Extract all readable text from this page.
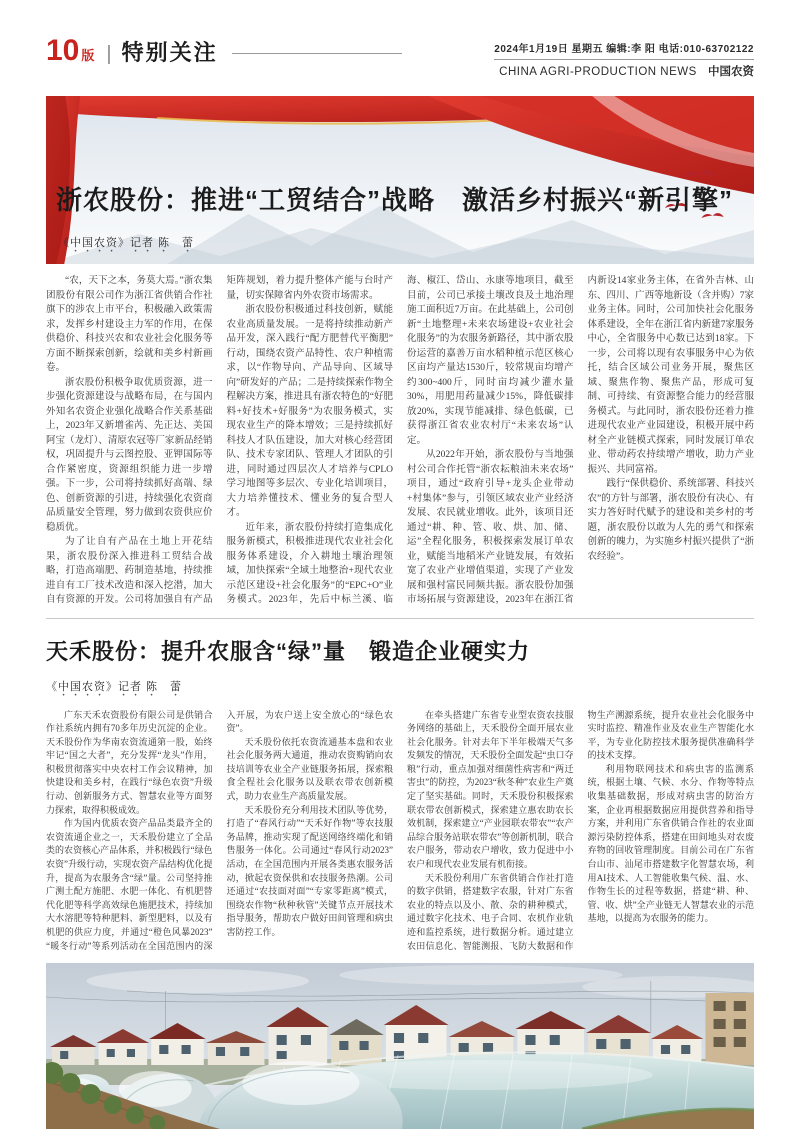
10 版 | 特别关注	2024年1月19日 星期五 编辑:李 阳 电话:010-63702122
CHINA AGRI-PRODUCTION NEWS 中国农资
浙农股份：推进“工贸结合”战略　激活乡村振兴“新引擎”
《中国农资》记者 陈　蕾

“农，天下之本，务莫大焉。”浙农集团股份有限公司作为浙江省供销合作社旗下的涉农上市平台，积极融入政策需求，发挥乡村建设主力军的作用，在保供稳价、科技兴农和农业社会化服务等方面不断探索创新，绘就和美乡村新画卷。

浙农股份积极争取优质资源，进一步强化资源建设与战略布局，在与国内外知名农资企业强化战略合作关系基础上，2023年又新增雀芮、先正达、美国阿宝（龙灯）、清原农冠等厂家新品经销权，巩固提升与云图控股、亚钾国际等合作紧密度，资源组织能力进一步增强。下一步，公司将持续抓好高端、绿色、创新资源的引进，持续强化农资商品质量安全管理，努力做到农资供应价稳质优。

为了让自有产品在土地上开花结果，浙农股份深入推进科工贸结合战略，打造高端肥、药制造基地，持续推进自有工厂技术改造和深入挖潜，加大自有资源的开发。公司将加强自有产品矩阵规划，着力提升整体产能与台时产量，切实保障省内外农资市场需求。

浙农股份积极通过科技创新，赋能农业高质量发展。一是将持续推动新产品开发，深入践行“配方肥替代平衡肥”行动，围绕农资产品特性、农户种植需求，以“作物导向、产品导向、区域导向”研发好的产品；二是持续探索作物全程解决方案，推进具有浙农特色的“好肥料+好技术+好服务”为农服务模式，实现农业生产的降本增效；三是持续抓好科技人才队伍建设，加大对核心经营团队、技术专家团队、管理人才团队的引进，同时通过四层次人才培养与CPLO学习地图等多层次、专业化培训项目，大力培养懂技术、懂业务的复合型人才。

近年来，浙农股份持续打造集成化服务新模式，积极推进现代农业社会化服务体系建设，介入耕地土壤治理领域，加快探索“全域土地整治+现代农业示范区建设+社会化服务”的“EPC+O”业务模式。2023年，先后中标兰溪、临海、椒江、岱山、永康等地项目，截至目前，公司已承接土壤改良及土地治理施工面积近7万亩。在此基础上，公司创新“土地整理+未来农场建设+农业社会化服务”的为农服务新路径，其中浙农股份运营的嘉善万亩水稻种植示范区核心区亩均产量达1530斤，较常规亩均增产约300~400斤，同时亩均减少灌水量30%，用肥用药量减少15%，降低碳排放20%，实现节能减排、绿色低碳，已获得浙江省农业农村厅“未来农场”认定。

从2022年开始，浙农股份与当地强村公司合作托管“浙农耘粮油未来农场”项目，通过“政府引导+龙头企业带动+村集体”参与，引领区域农业产业经济发展、农民就业增收。此外，该项目还通过“耕、种、管、收、烘、加、储、运”全程化服务，积极探索发展订单农业，赋能当地稻米产业链发展，有效拓宽了农业产业增值渠道，实现了产业发展和强村富民同频共振。浙农股份加强市场拓展与资源建设，2023年在浙江省内新设14家业务主体，在省外吉林、山东、四川、广西等地新设（含并购）7家业务主体。同时，公司加快社会化服务体系建设，全年在浙江省内新建7家服务中心，全省服务中心数已达到18家。下一步，公司将以现有农事服务中心为依托，结合区域公司业务开展，聚焦区域、聚焦作物、聚焦产品，形成可复制、可持续、有资源整合能力的经营服务模式。与此同时，浙农股份还着力推进现代农业产业园建设，积极开展中药材全产业链模式探索，同时发展订单农业、带动药农持续增产增收，助力产业振兴、共同富裕。

践行“保供稳价、系统部署、科技兴农”的方针与部署，浙农股份有决心、有实力答好时代赋予的建设和美乡村的考题，浙农股份以敢为人先的勇气和探索创新的魄力，为实施乡村振兴提供了“浙农经验”。

天禾股份：提升农服含“绿”量　锻造企业硬实力
《中国农资》记者 陈　蕾

广东天禾农资股份有限公司是供销合作社系统内拥有70多年历史沉淀的企业。天禾股份作为华南农资流通第一股，始终牢记“国之大者”，充分发挥“龙头”作用，积极贯彻落实中央农村工作会议精神，加快建设和美乡村，在践行“绿色农资”升级行动、创新服务方式、智慧农业等方面努力探索，取得积极成效。

作为国内优质农资产品品类最齐全的农资流通企业之一，天禾股份建立了全品类的农资核心产品体系，并积极践行“绿色农资”升级行动，实现农资产品结构优化提升，提高为农服务含“绿”量。公司坚持推广测土配方施肥、水肥一体化、有机肥替代化肥等科学高效绿色施肥技术，持续加大水溶肥等特种肥料、新型肥料，以及有机肥的供应力度，并通过“橙色风暴2023”“暖冬行动”等系列活动在全国范围内的深入开展，为农户送上安全放心的“绿色农资”。

天禾股份依托农资流通基本盘和农业社会化服务两大通道，推动农资购销向农技培训等农业全产业链服务拓展，探索粮食全程社会化服务以及联农带农创新模式，助力农业生产高质量发展。

天禾股份充分利用技术团队等优势，打造了“春风行动”“天禾好作物”等农技服务品牌，推动实现了配送网络终端化和销售服务一体化。公司通过“春风行动2023”活动，在全国范围内开展各类惠农服务活动，掀起农资保供和农技服务热潮。公司还通过“农技面对面”“专家零距离”模式，围绕农作物“秋种秋管”关键节点开展技术指导服务，帮助农户做好田间管理和病虫害防控工作。

在牵头搭建广东省专业型农资农技服务网络的基础上，天禾股份全面开展农业社会化服务。针对去年下半年极端天气多发频发的情况，天禾股份全面发起“虫口夺粮”行动，重点加强对细菌性病害和“两迁害虫”的防控，为2023“秋冬种”农业生产奠定了坚实基础。同时，天禾股份积极探索联农带农创新模式，探索建立惠农助农长效机制，探索建立“产业园联农带农”“农产品综合服务站联农带农”等创新机制，联合农户服务，带动农户增收，致力促进中小农户和现代农业发展有机衔接。

天禾股份利用广东省供销合作社打造的数字供销，搭建数字农服，针对广东省农业的特点以及小、散、杂的耕种模式，通过数字化技术、电子合同、农机作业轨迹和监控系统，进行数据分析。通过建立农田信息化、智能测报、飞防大数据和作物生产溯源系统，提升农业社会化服务中实时监控、精准作业及农业生产智能化水平，为专业化防控技术服务提供准确科学的技术支撑。

利用物联网技术和病虫害的监测系统，根据土壤、气候、水分、作物等特点收集基础数据，形成对病虫害的防治方案，企业再根据数据应用提供营养和指导方案，并利用广东省供销合作社的农业面源污染防控体系，搭建在田间地头对农废弃物的回收管理制度。目前公司在广东省台山市、汕尾市搭建数字化智慧农场，利用AI技术、人工智能收集气候、温、水、作物生长的过程等数据，搭建“耕、种、管、收、烘”全产业链无人智慧农业的示范基地，以提高为农服务的能力。
